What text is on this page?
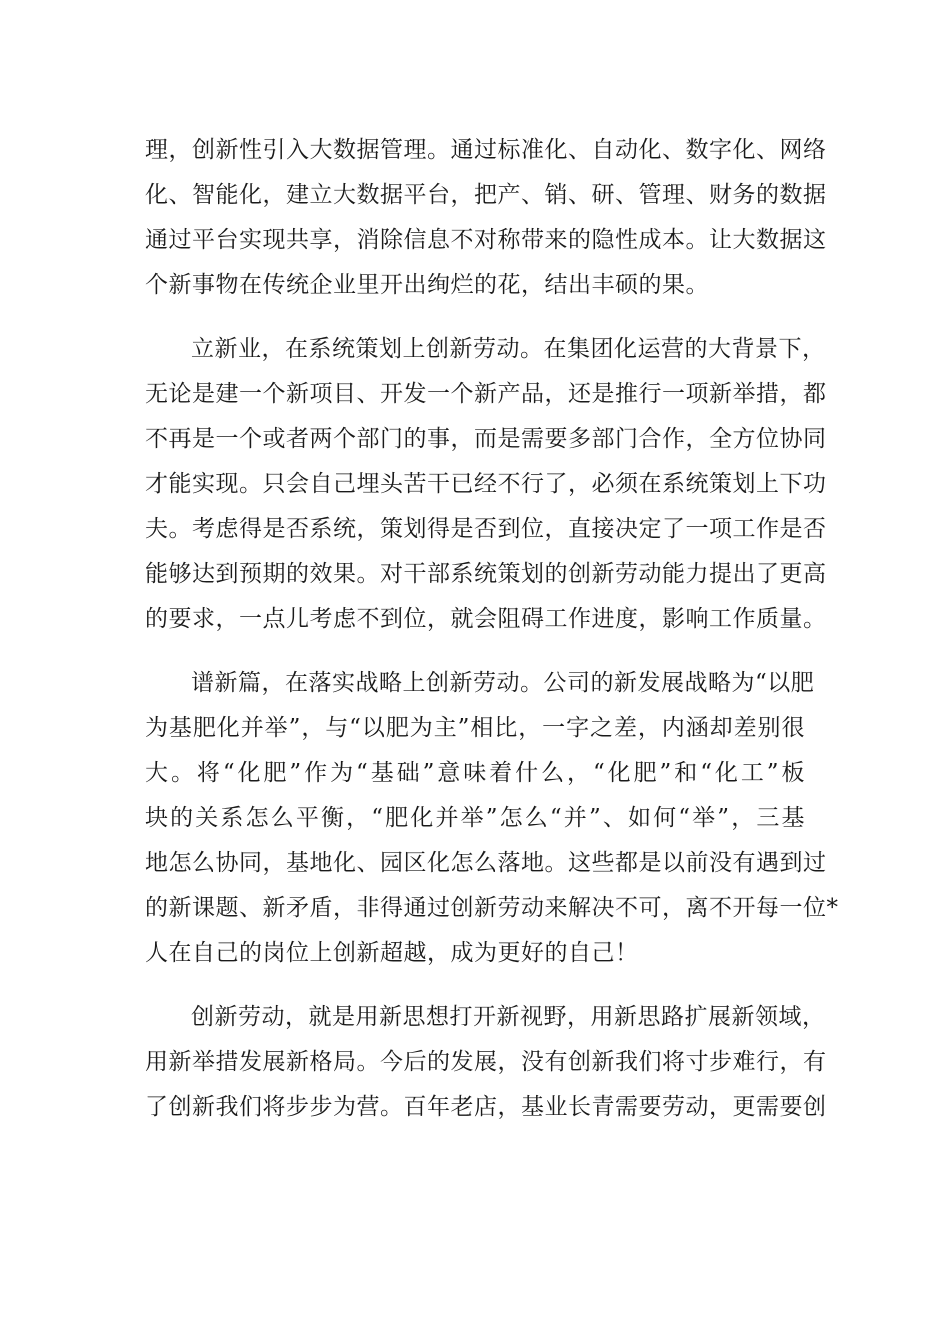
理，创新性引入大数据管理。通过标准化、自动化、数字化、网络
化、智能化，建立大数据平台，把产、销、研、管理、财务的数据
通过平台实现共享，消除信息不对称带来的隐性成本。让大数据这
个新事物在传统企业里开出绚烂的花，结出丰硕的果。
立新业，在系统策划上创新劳动。在集团化运营的大背景下，
无论是建一个新项目、开发一个新产品，还是推行一项新举措，都
不再是一个或者两个部门的事，而是需要多部门合作，全方位协同
才能实现。只会自己埋头苦干已经不行了，必须在系统策划上下功
夫。考虑得是否系统，策划得是否到位，直接决定了一项工作是否
能够达到预期的效果。对干部系统策划的创新劳动能力提出了更高
的要求，一点儿考虑不到位，就会阻碍工作进度，影响工作质量。
谱新篇，在落实战略上创新劳动。公司的新发展战略为“以肥
为基肥化并举”，与“以肥为主”相比，一字之差，内涵却差别很
大。将“化肥”作为“基础”意味着什么，“化肥”和“化工”板
块的关系怎么平衡，“肥化并举”怎么“并”、如何“举”，三基
地怎么协同，基地化、园区化怎么落地。这些都是以前没有遇到过
的新课题、新矛盾，非得通过创新劳动来解决不可，离不开每一位*
人在自己的岗位上创新超越，成为更好的自己！
创新劳动，就是用新思想打开新视野，用新思路扩展新领域，
用新举措发展新格局。今后的发展，没有创新我们将寸步难行，有
了创新我们将步步为营。百年老店，基业长青需要劳动，更需要创
